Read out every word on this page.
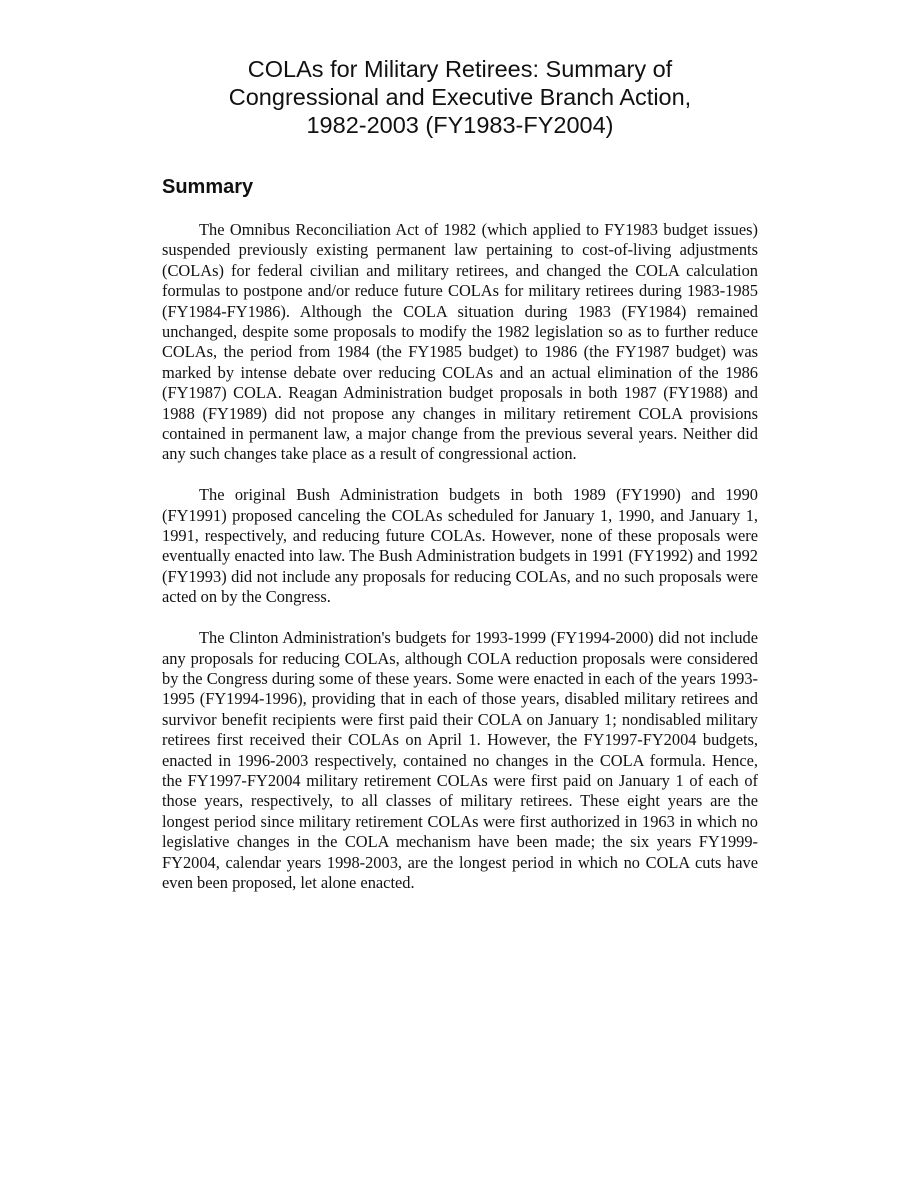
COLAs for Military Retirees: Summary of
Congressional and Executive Branch Action,
1982-2003 (FY1983-FY2004)
Summary

The Omnibus Reconciliation Act of 1982 (which applied to FY1983 budget issues) suspended previously existing permanent law pertaining to cost-of-living adjustments (COLAs) for federal civilian and military retirees, and changed the COLA calculation formulas to postpone and/or reduce future COLAs for military retirees during 1983-1985 (FY1984-FY1986). Although the COLA situation during 1983 (FY1984) remained unchanged, despite some proposals to modify the 1982 legislation so as to further reduce COLAs, the period from 1984 (the FY1985 budget) to 1986 (the FY1987 budget) was marked by intense debate over reducing COLAs and an actual elimination of the 1986 (FY1987) COLA. Reagan Administration budget proposals in both 1987 (FY1988) and 1988 (FY1989) did not propose any changes in military retirement COLA provisions contained in permanent law, a major change from the previous several years. Neither did any such changes take place as a result of congressional action.

The original Bush Administration budgets in both 1989 (FY1990) and 1990 (FY1991) proposed canceling the COLAs scheduled for January 1, 1990, and January 1, 1991, respectively, and reducing future COLAs. However, none of these proposals were eventually enacted into law. The Bush Administration budgets in 1991 (FY1992) and 1992 (FY1993) did not include any proposals for reducing COLAs, and no such proposals were acted on by the Congress.

The Clinton Administration's budgets for 1993-1999 (FY1994-2000) did not include any proposals for reducing COLAs, although COLA reduction proposals were considered by the Congress during some of these years. Some were enacted in each of the years 1993-1995 (FY1994-1996), providing that in each of those years, disabled military retirees and survivor benefit recipients were first paid their COLA on January 1; nondisabled military retirees first received their COLAs on April 1. However, the FY1997-FY2004 budgets, enacted in 1996-2003 respectively, contained no changes in the COLA formula. Hence, the FY1997-FY2004 military retirement COLAs were first paid on January 1 of each of those years, respectively, to all classes of military retirees. These eight years are the longest period since military retirement COLAs were first authorized in 1963 in which no legislative changes in the COLA mechanism have been made; the six years FY1999-FY2004, calendar years 1998-2003, are the longest period in which no COLA cuts have even been proposed, let alone enacted.
